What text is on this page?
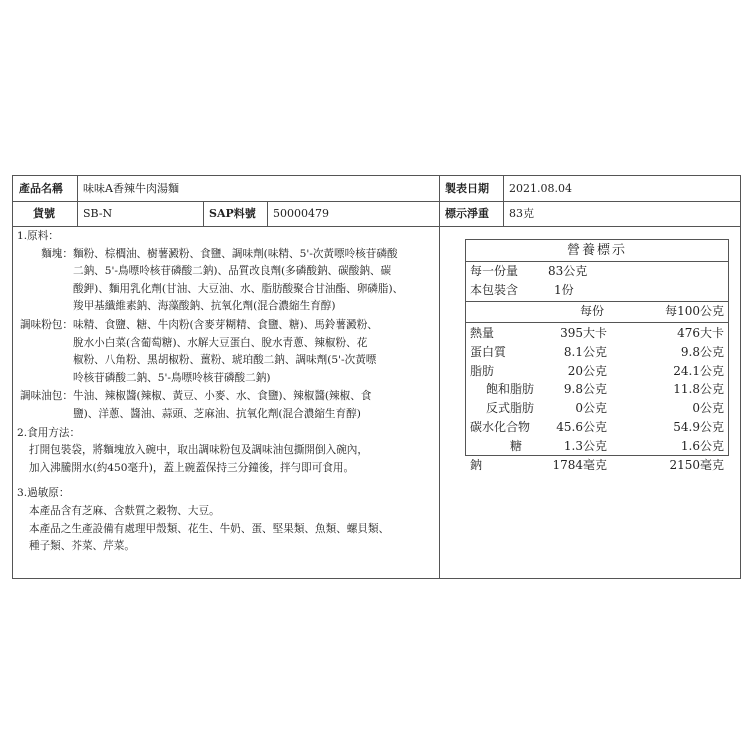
產品名稱 味味A香辣牛肉湯麵	製表日期 2021.08.04
貨號	SB-N	SAP料號 50000479	標示淨重 83克
1.原料：
麵塊： 麵粉、棕櫚油、樹薯澱粉、食鹽、調味劑(味精、5'-次黃嘌呤核苷磷酸
二鈉、5'-鳥嘌呤核苷磷酸二鈉)、品質改良劑(多磷酸鈉、碳酸鈉、碳
酸鉀)、麵用乳化劑(甘油、大豆油、水、脂肪酸聚合甘油酯、卵磷脂)、
羧甲基纖維素鈉、海藻酸鈉、抗氧化劑(混合濃縮生育醇)
調味粉包： 味精、食鹽、糖、牛肉粉(含麥芽糊精、食鹽、糖)、馬鈴薯澱粉、
脫水小白菜(含葡萄糖)、水解大豆蛋白、脫水青蔥、辣椒粉、花
椒粉、八角粉、黑胡椒粉、薑粉、琥珀酸二鈉、調味劑(5'-次黃嘌
呤核苷磷酸二鈉、5'-鳥嘌呤核苷磷酸二鈉)
調味油包： 牛油、辣椒醬(辣椒、黃豆、小麥、水、食鹽)、辣椒醬(辣椒、食
鹽)、洋蔥、醬油、蒜頭、芝麻油、抗氧化劑(混合濃縮生育醇)
2.食用方法：
打開包裝袋，將麵塊放入碗中，取出調味粉包及調味油包撕開倒入碗內，
加入沸騰開水(約450毫升)，蓋上碗蓋保持三分鐘後，拌勻即可食用。
3.過敏原：
本產品含有芝麻、含麩質之穀物、大豆。
本產品之生產設備有處理甲殼類、花生、牛奶、蛋、堅果類、魚類、螺貝類、
種子類、芥菜、芹菜。
營養標示
每一份量 83公克
本包裝含	1份
每份	每100公克
熱量	395大卡	476大卡
蛋白質	8.1公克	9.8公克
脂肪	20公克	24.1公克
飽和脂肪 9.8公克	11.8公克
反式脂肪	0公克	0公克
碳水化合物 45.6公克	54.9公克
糖	1.3公克	1.6公克
鈉	1784毫克	2150毫克
